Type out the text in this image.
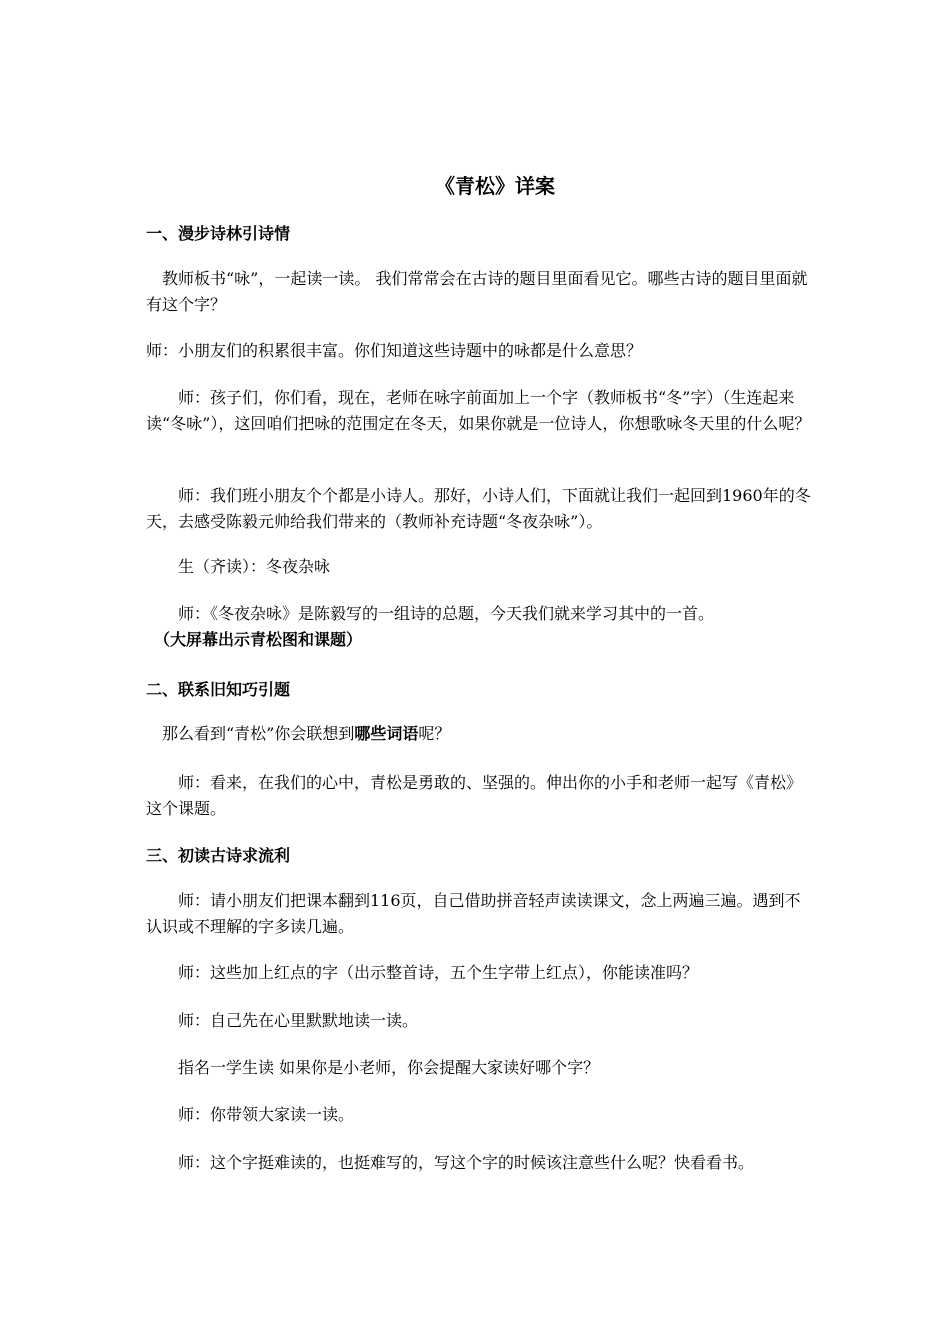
《青松》详案
一、漫步诗林引诗情

　教师板书“咏”，一起读一读。 我们常常会在古诗的题目里面看见它。哪些古诗的题目里面就有这个字？

师：小朋友们的积累很丰富。你们知道这些诗题中的咏都是什么意思？

　　师：孩子们，你们看，现在，老师在咏字前面加上一个字（教师板书“冬”字）（生连起来读“冬咏”），这回咱们把咏的范围定在冬天，如果你就是一位诗人，你想歌咏冬天里的什么呢？

　　师：我们班小朋友个个都是小诗人。那好，小诗人们，下面就让我们一起回到1960年的冬天，去感受陈毅元帅给我们带来的（教师补充诗题“冬夜杂咏”）。

　　生（齐读）：冬夜杂咏

　　师：《冬夜杂咏》是陈毅写的一组诗的总题，今天我们就来学习其中的一首。
　（大屏幕出示青松图和课题）

二、联系旧知巧引题

　那么看到“青松”你会联想到哪些词语呢？

　　师：看来，在我们的心中，青松是勇敢的、坚强的。伸出你的小手和老师一起写《青松》这个课题。

三、初读古诗求流利

　　师：请小朋友们把课本翻到116页，自己借助拼音轻声读读课文，念上两遍三遍。遇到不认识或不理解的字多读几遍。

　　师：这些加上红点的字（出示整首诗，五个生字带上红点），你能读准吗？

　　师：自己先在心里默默地读一读。

　　指名一学生读 如果你是小老师，你会提醒大家读好哪个字？

　　师：你带领大家读一读。

　　师：这个字挺难读的，也挺难写的，写这个字的时候该注意些什么呢？快看看书。
